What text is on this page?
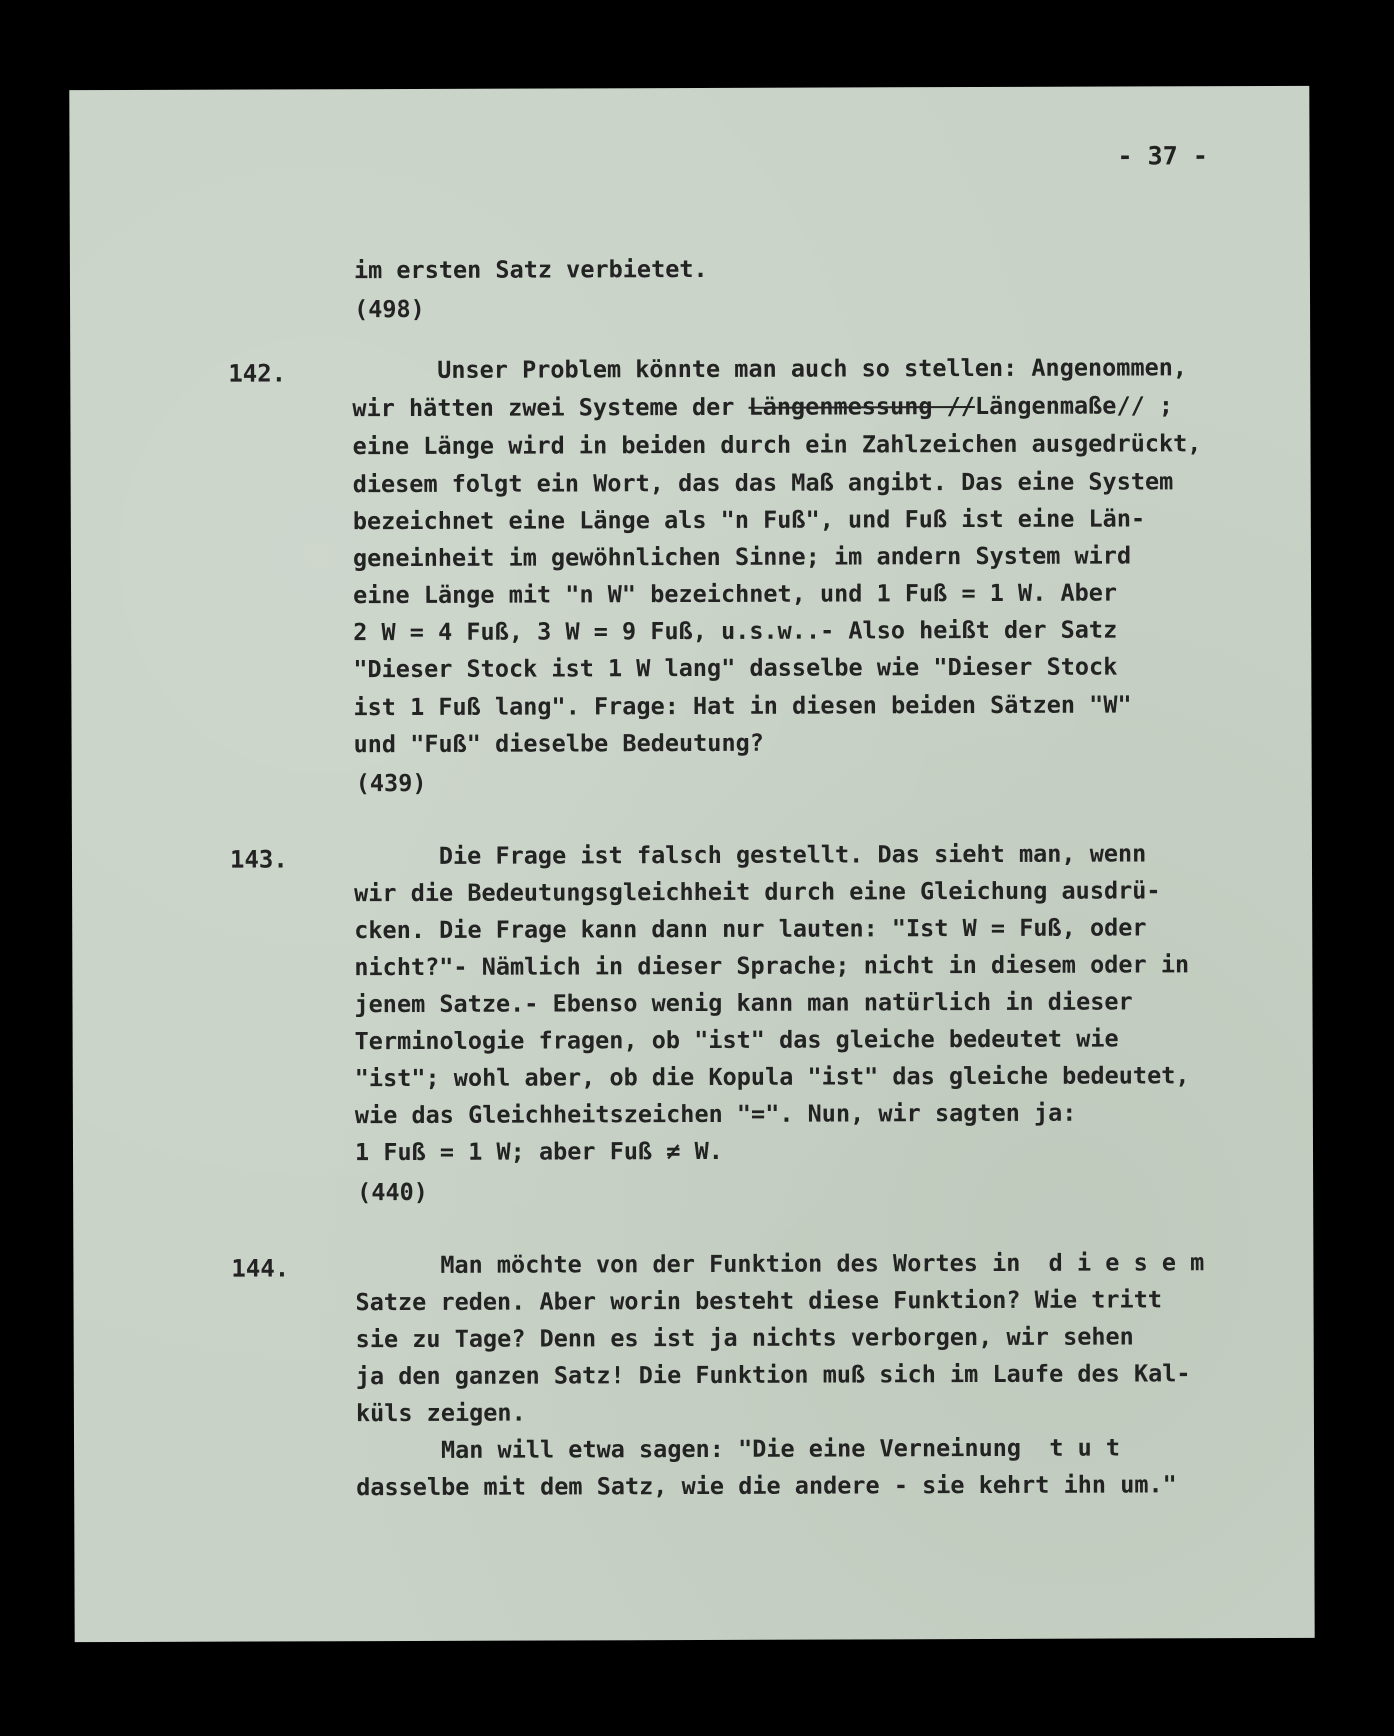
- 37 -
im ersten Satz verbietet.
(498)
142.	Unser Problem könnte man auch so stellen: Angenommen,
wir hätten zwei Systeme der Längenmessung //Längenmaße// ;
eine Länge wird in beiden durch ein Zahlzeichen ausgedrückt,
diesem folgt ein Wort, das das Maß angibt. Das eine System
bezeichnet eine Länge als "n Fuß", und Fuß ist eine Län-
geneinheit im gewöhnlichen Sinne; im andern System wird
eine Länge mit "n W" bezeichnet, und 1 Fuß = 1 W. Aber
2 W = 4 Fuß, 3 W = 9 Fuß, u.s.w..- Also heißt der Satz
"Dieser Stock ist 1 W lang" dasselbe wie "Dieser Stock
ist 1 Fuß lang". Frage: Hat in diesen beiden Sätzen "W"
und "Fuß" dieselbe Bedeutung?
(439)
143.	Die Frage ist falsch gestellt. Das sieht man, wenn
wir die Bedeutungsgleichheit durch eine Gleichung ausdrü-
cken. Die Frage kann dann nur lauten: "Ist W = Fuß, oder
nicht?"- Nämlich in dieser Sprache; nicht in diesem oder in
jenem Satze.- Ebenso wenig kann man natürlich in dieser
Terminologie fragen, ob "ist" das gleiche bedeutet wie
"ist"; wohl aber, ob die Kopula "ist" das gleiche bedeutet,
wie das Gleichheitszeichen "=". Nun, wir sagten ja:
1 Fuß = 1 W; aber Fuß ≠ W.
(440)
144.	Man möchte von der Funktion des Wortes in  d i e s e m
Satze reden. Aber worin besteht diese Funktion? Wie tritt
sie zu Tage? Denn es ist ja nichts verborgen, wir sehen
ja den ganzen Satz! Die Funktion muß sich im Laufe des Kal-
küls zeigen.
Man will etwa sagen: "Die eine Verneinung  t u t
dasselbe mit dem Satz, wie die andere - sie kehrt ihn um."
